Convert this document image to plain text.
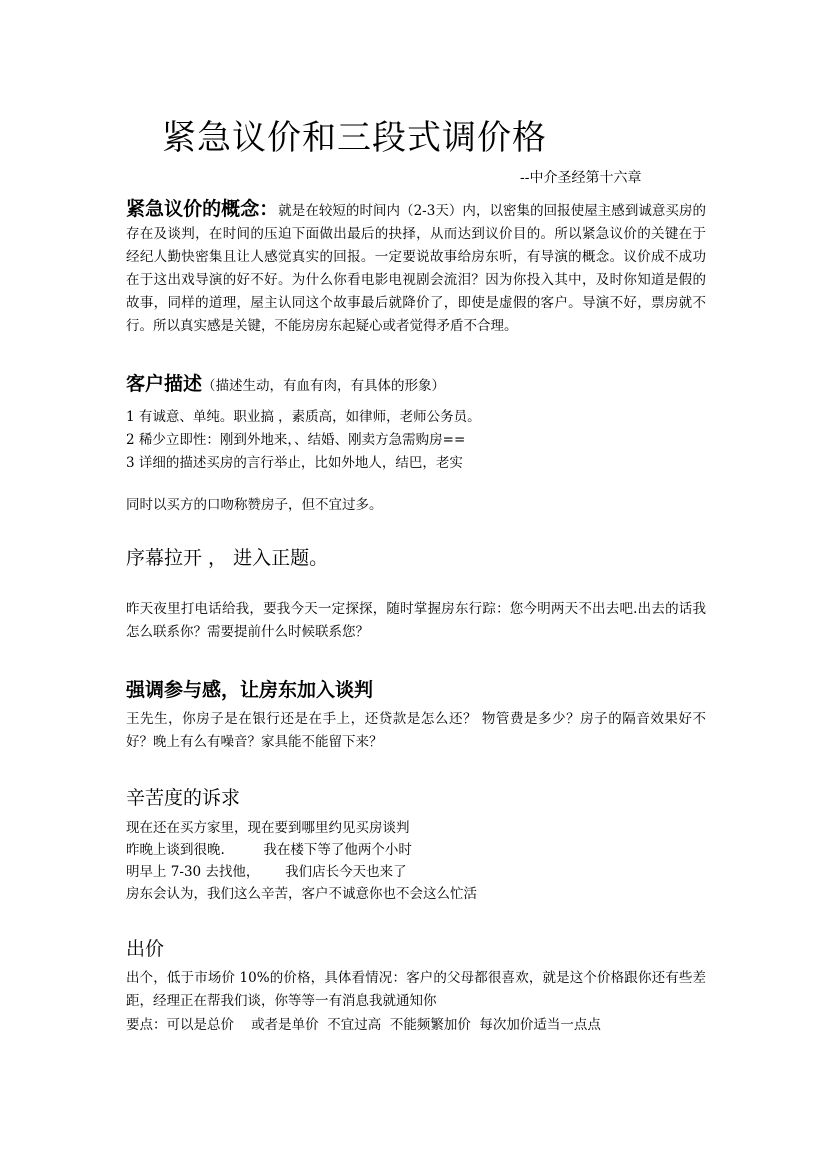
紧急议价和三段式调价格
--中介圣经第十六章
紧急议价的概念：就是在较短的时间内（2-3天）内，以密集的回报使屋主感到诚意买房的存在及谈判，在时间的压迫下面做出最后的抉择，从而达到议价目的。所以紧急议价的关键在于经纪人勤快密集且让人感觉真实的回报。一定要说故事给房东听，有导演的概念。议价成不成功在于这出戏导演的好不好。为什么你看电影电视剧会流泪？因为你投入其中，及时你知道是假的故事，同样的道理，屋主认同这个故事最后就降价了，即使是虚假的客户。导演不好，票房就不行。所以真实感是关键，不能房房东起疑心或者觉得矛盾不合理。
客户描述（描述生动，有血有肉，有具体的形象）
1 有诚意、单纯。职业搞 ，素质高，如律师，老师公务员。
2 稀少立即性：刚到外地来，、结婚、刚卖方急需购房==
3 详细的描述买房的言行举止，比如外地人，结巴，老实
同时以买方的口吻称赞房子，但不宜过多。
序幕拉开 ， 进入正题。
昨天夜里打电话给我，要我今天一定探探，随时掌握房东行踪：您今明两天不出去吧.出去的话我怎么联系你？需要提前什么时候联系您？
强调参与感，让房东加入谈判
王先生，你房子是在银行还是在手上，还贷款是怎么还？ 物管费是多少？房子的隔音效果好不好？晚上有么有噪音？家具能不能留下来？
辛苦度的诉求
现在还在买方家里，现在要到哪里约见买房谈判
昨晚上谈到很晚.         我在楼下等了他两个小时
明早上 7-30 去找他，      我们店长今天也来了
房东会认为，我们这么辛苦，客户不诚意你也不会这么忙活
出价
出个，低于市场价 10%的价格，具体看情况：客户的父母都很喜欢，就是这个价格跟你还有些差距，经理正在帮我们谈，你等等一有消息我就通知你
要点：可以是总价    或者是单价  不宜过高  不能频繁加价  每次加价适当一点点
